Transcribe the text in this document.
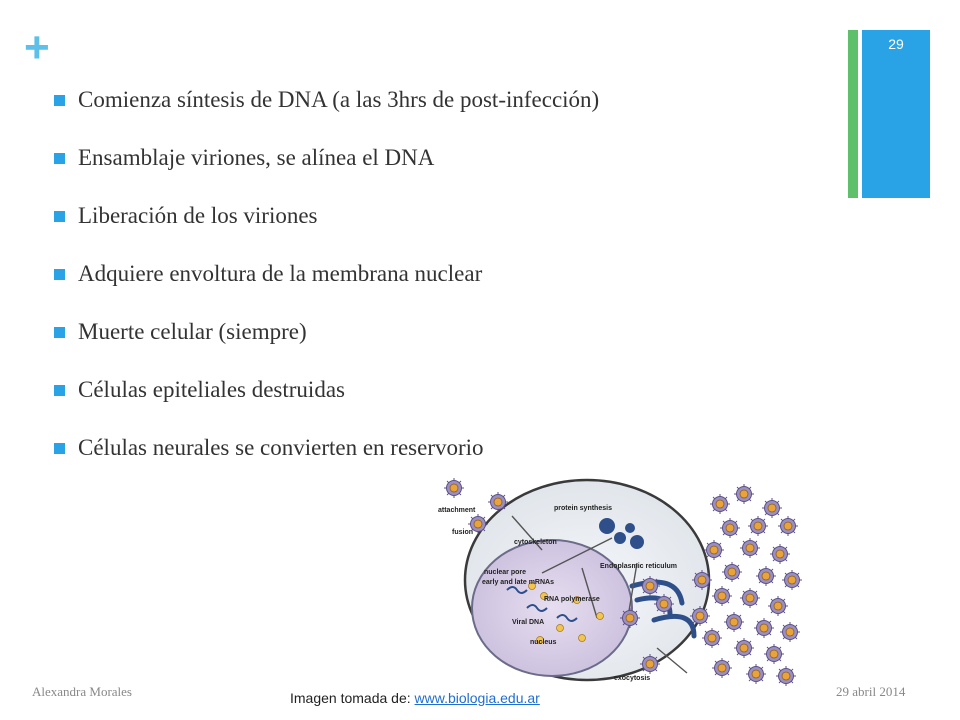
+	29
Comienza síntesis de DNA (a las 3hrs de post-infección)
Ensamblaje viriones, se alínea el DNA
Liberación de los viriones
Adquiere envoltura de la membrana nuclear
Muerte celular (siempre)
Células epiteliales destruidas
Células neurales se convierten en reservorio
attachment
fusion
protein synthesis
cytoskeleton
nuclear pore
Endoplasmic reticulum
early and late mRNAs
RNA polymerase
Viral DNA
nucleus
exocytosis
Alexandra Morales	Imagen tomada de: www.biologia.edu.ar	29 abril 2014
